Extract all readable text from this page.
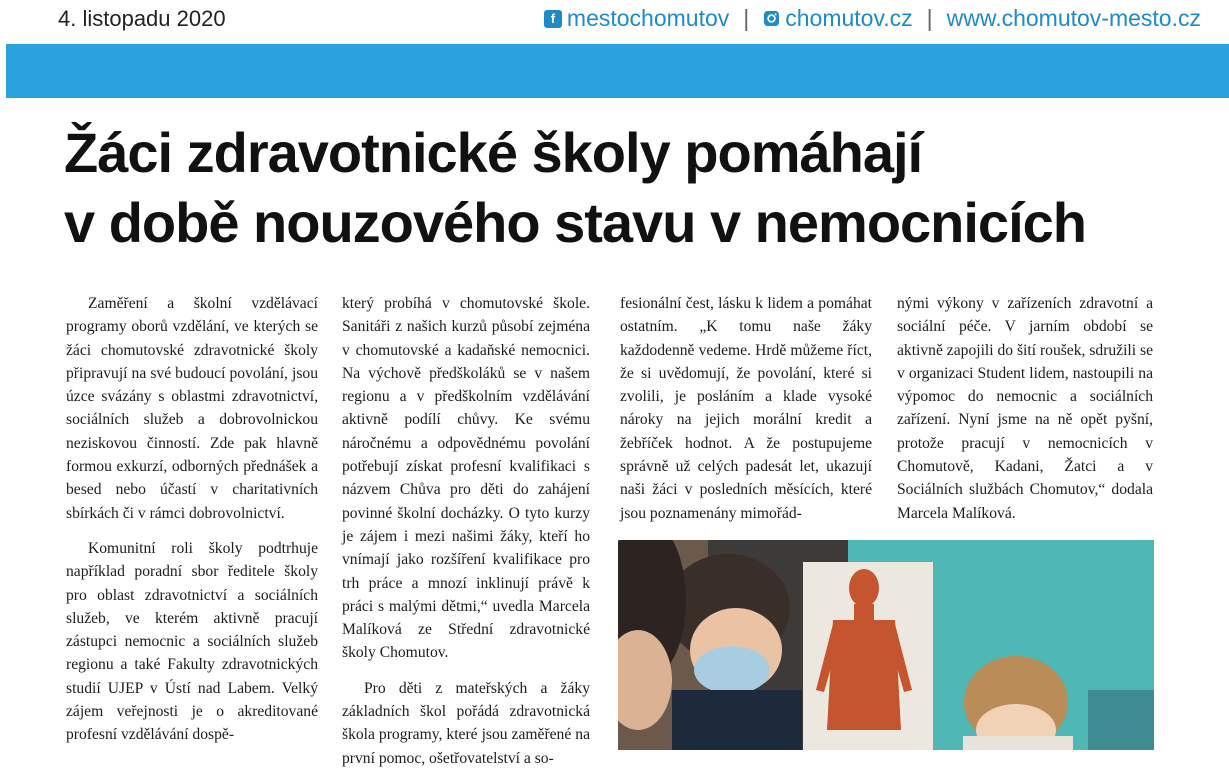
4. listopadu 2020	f mestochomutov | chomutov.cz | www.chomutov-mesto.cz
Žáci zdravotnické školy pomáhají
v době nouzového stavu v nemocnicích

Zaměření a školní vzdělávací programy oborů vzdělání, ve kterých se žáci chomutovské zdravotnické školy připravují na své budoucí povolání, jsou úzce svázány s oblastmi zdravotnictví, sociálních služeb a dobrovolnickou neziskovou činností. Zde pak hlavně formou exkurzí, odborných přednášek a besed nebo účastí v charitativních sbírkách či v rámci dobrovolnictví.

Komunitní roli školy podtrhuje například poradní sbor ředitele školy pro oblast zdravotnictví a sociálních služeb, ve kterém aktivně pracují zástupci nemocnic a sociálních služeb regionu a také Fakulty zdravotnických studií UJEP v Ústí nad Labem. Velký zájem veřejnosti je o akreditované profesní vzdělávání dospě-

který probíhá v chomutovské škole. Sanitáři z našich kurzů působí zejména v chomutovské a kadaňské nemocnici. Na výchově předškoláků se v našem regionu a v předškolním vzdělávání aktivně podílí chůvy. Ke svému náročnému a odpovědnému povolání potřebují získat profesní kvalifikaci s názvem Chůva pro děti do zahájení povinné školní docházky. O tyto kurzy je zájem i mezi našimi žáky, kteří ho vnímají jako rozšíření kvalifikace pro trh práce a mnozí inklinují právě k práci s malými dětmi,“ uvedla Marcela Malíková ze Střední zdravotnické školy Chomutov.

Pro děti z mateřských a žáky základních škol pořádá zdravotnická škola programy, které jsou zaměřené na první pomoc, ošetřovatelství a so-

fesionální čest, lásku k lidem a pomáhat ostatním. „K tomu naše žáky každodenně vedeme. Hrdě můžeme říct, že si uvědomují, že povolání, které si zvolili, je posláním a klade vysoké nároky na jejich morální kredit a žebříček hodnot. A že postupujeme správně už celých padesát let, ukazují naši žáci v posledních měsících, které jsou poznamenány mimořád-

nými výkony v zařízeních zdravotní a sociální péče. V jarním období se aktivně zapojili do šití roušek, sdružili se v organizaci Student lidem, nastoupili na výpomoc do nemocnic a sociálních zařízení. Nyní jsme na ně opět pyšní, protože pracují v nemocnicích v Chomutově, Kadani, Žatci a v Sociálních službách Chomutov,“ dodala Marcela Malíková.
